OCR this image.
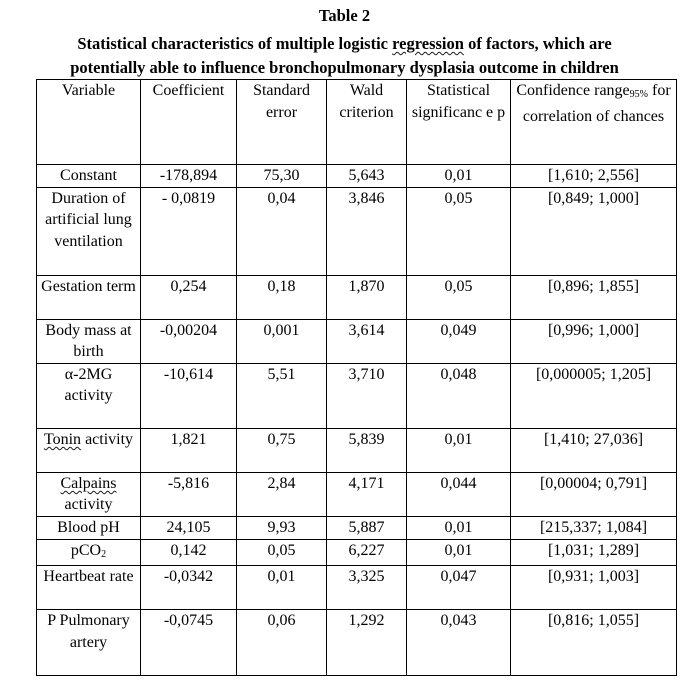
Table 2
Statistical characteristics of multiple logistic regression of factors, which are
potentially able to influence bronchopulmonary dysplasia outcome in children
Variable	Coefficient	Standard error	Wald criterion	Statistical significanc e p	Confidence range$_{95\%}$ for correlation of chances
Constant	-178,894	75,30	5,643	0,01	[1,610; 2,556]
Duration of artificial lung ventilation	- 0,0819	0,04	3,846	0,05	[0,849; 1,000]
Gestation term	0,254	0,18	1,870	0,05	[0,896; 1,855]
Body mass at birth	-0,00204	0,001	3,614	0,049	[0,996; 1,000]
α-2MG activity	-10,614	5,51	3,710	0,048	[0,000005; 1,205]
Tonin activity	1,821	0,75	5,839	0,01	[1,410; 27,036]
Calpains activity	-5,816	2,84	4,171	0,044	[0,00004; 0,791]
Blood pH	24,105	9,93	5,887	0,01	[215,337; 1,084]
pCO$_2$	0,142	0,05	6,227	0,01	[1,031; 1,289]
Heartbeat rate	-0,0342	0,01	3,325	0,047	[0,931; 1,003]
P Pulmonary artery	-0,0745	0,06	1,292	0,043	[0,816; 1,055]
